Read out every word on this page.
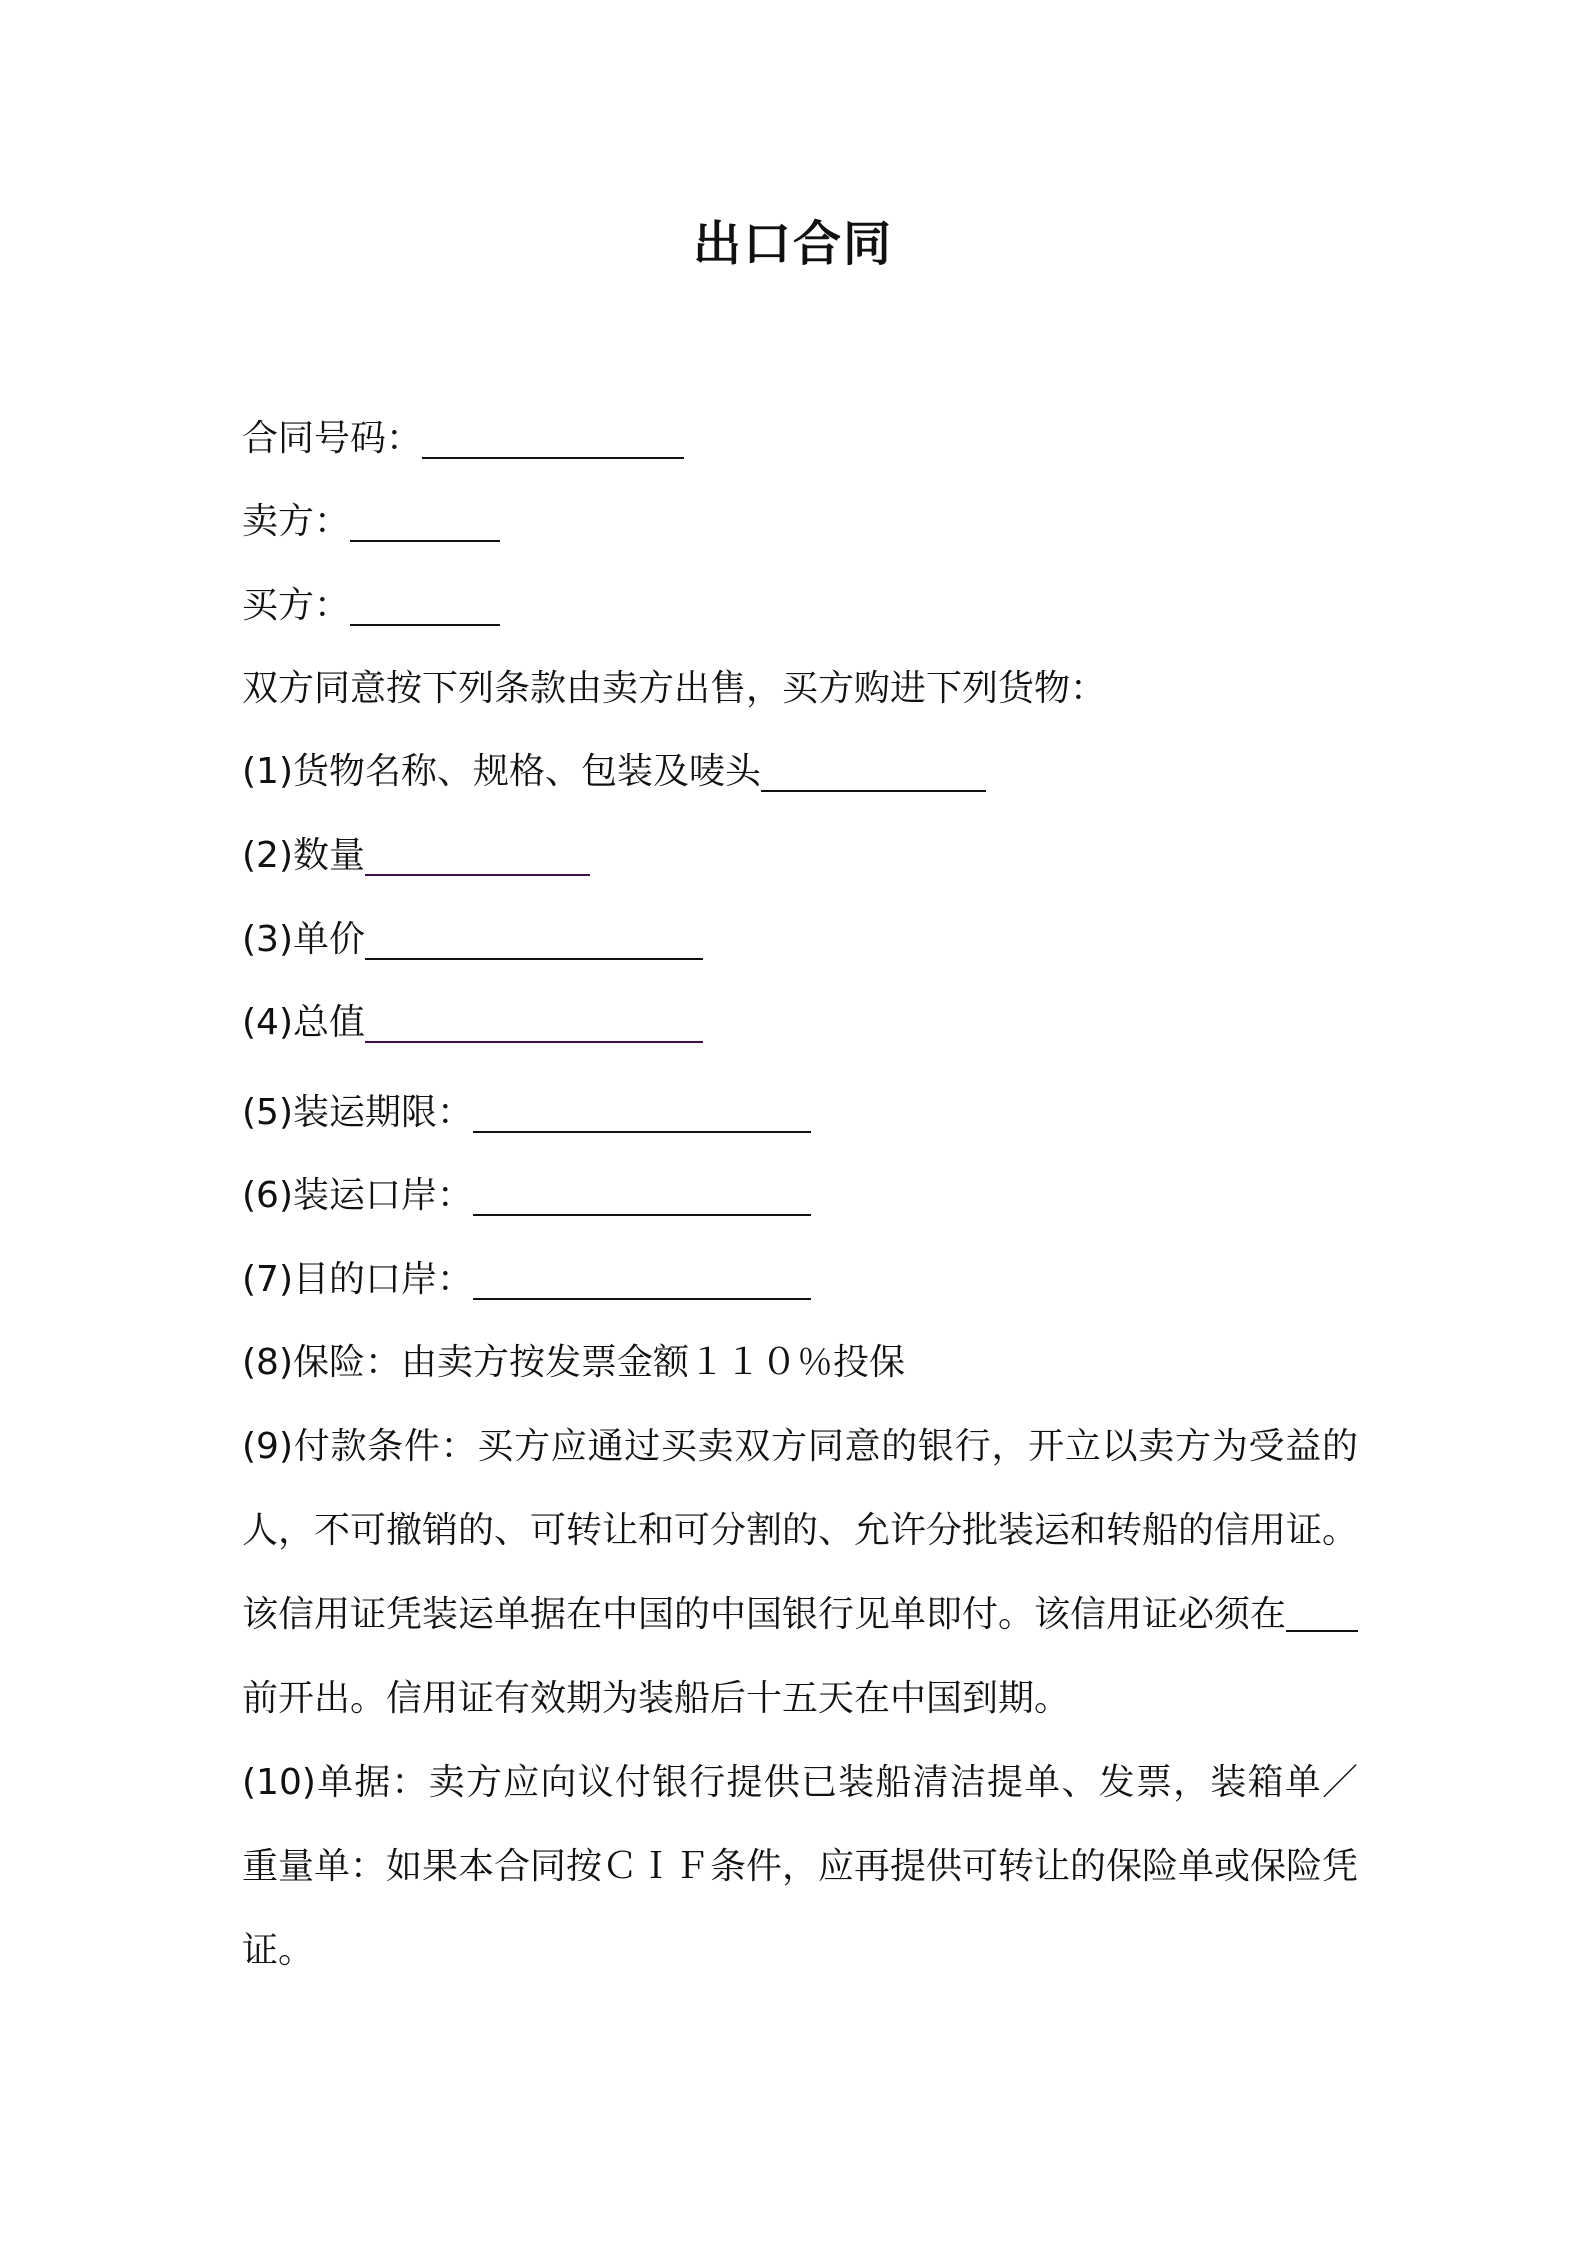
出口合同
合同号码：
卖方：
买方：
双方同意按下列条款由卖方出售，买方购进下列货物：
(1)货物名称、规格、包装及唛头
(2)数量
(3)单价
(4)总值
(5)装运期限：
(6)装运口岸：
(7)目的口岸：
(8)保险：由卖方按发票金额１１０％投保
(9)付款条件：买方应通过买卖双方同意的银行，开立以卖方为受益的人，不可撤销的、可转让和可分割的、允许分批装运和转船的信用证。该信用证凭装运单据在中国的中国银行见单即付。该信用证必须在前开出。信用证有效期为装船后十五天在中国到期。
(10)单据：卖方应向议付银行提供已装船清洁提单、发票，装箱单／重量单：如果本合同按ＣＩＦ条件，应再提供可转让的保险单或保险凭证。
